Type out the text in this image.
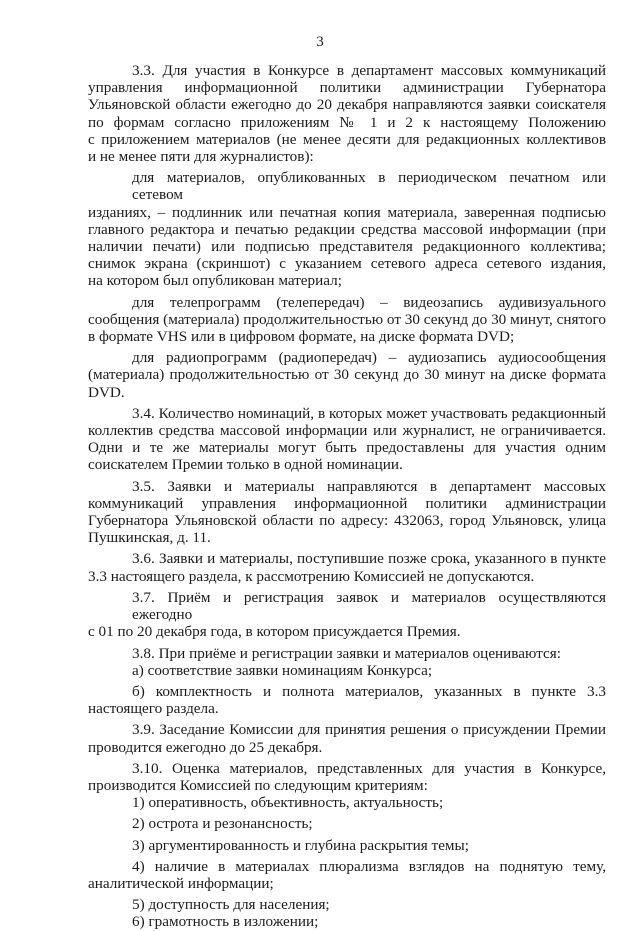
3

3.3. Для участия в Конкурсе в департамент массовых коммуникаций

управления информационной политики администрации Губернатора

Ульяновской области ежегодно до 20 декабря направляются заявки соискателя

по формам согласно приложениям № 1 и 2 к настоящему Положению

с приложением материалов (не менее десяти для редакционных коллективов

и не менее пяти для журналистов):

для материалов, опубликованных в периодическом печатном или сетевом

изданиях, – подлинник или печатная копия материала, заверенная подписью

главного редактора и печатью редакции средства массовой информации (при

наличии печати) или подписью представителя редакционного коллектива;

снимок экрана (скриншот) с указанием сетевого адреса сетевого издания,

на котором был опубликован материал;

для телепрограмм (телепередач) – видеозапись аудивизуального

сообщения (материала) продолжительностью от 30 секунд до 30 минут, снятого

в формате VHS или в цифровом формате, на диске формата DVD;

для радиопрограмм (радиопередач) – аудиозапись аудиосообщения

(материала) продолжительностью от 30 секунд до 30 минут на диске формата

DVD.

3.4. Количество номинаций, в которых может участвовать редакционный

коллектив средства массовой информации или журналист, не ограничивается.

Одни и те же материалы могут быть предоставлены для участия одним

соискателем Премии только в одной номинации.

3.5. Заявки и материалы направляются в департамент массовых

коммуникаций управления информационной политики администрации

Губернатора Ульяновской области по адресу: 432063, город Ульяновск, улица

Пушкинская, д. 11.

3.6. Заявки и материалы, поступившие позже срока, указанного в пункте

3.3 настоящего раздела, к рассмотрению Комиссией не допускаются.

3.7. Приём и регистрация заявок и материалов осуществляются ежегодно

с 01 по 20 декабря года, в котором присуждается Премия.

3.8. При приёме и регистрации заявки и материалов оцениваются:

а) соответствие заявки номинациям Конкурса;

б) комплектность и полнота материалов, указанных в пункте 3.3

настоящего раздела.

3.9. Заседание Комиссии для принятия решения о присуждении Премии

проводится ежегодно до 25 декабря.

3.10. Оценка материалов, представленных для участия в Конкурсе,

производится Комиссией по следующим критериям:

1) оперативность, объективность, актуальность;

2) острота и резонансность;

3) аргументированность и глубина раскрытия темы;

4) наличие в материалах плюрализма взглядов на поднятую тему,

аналитической информации;

5) доступность для населения;

6) грамотность в изложении;
